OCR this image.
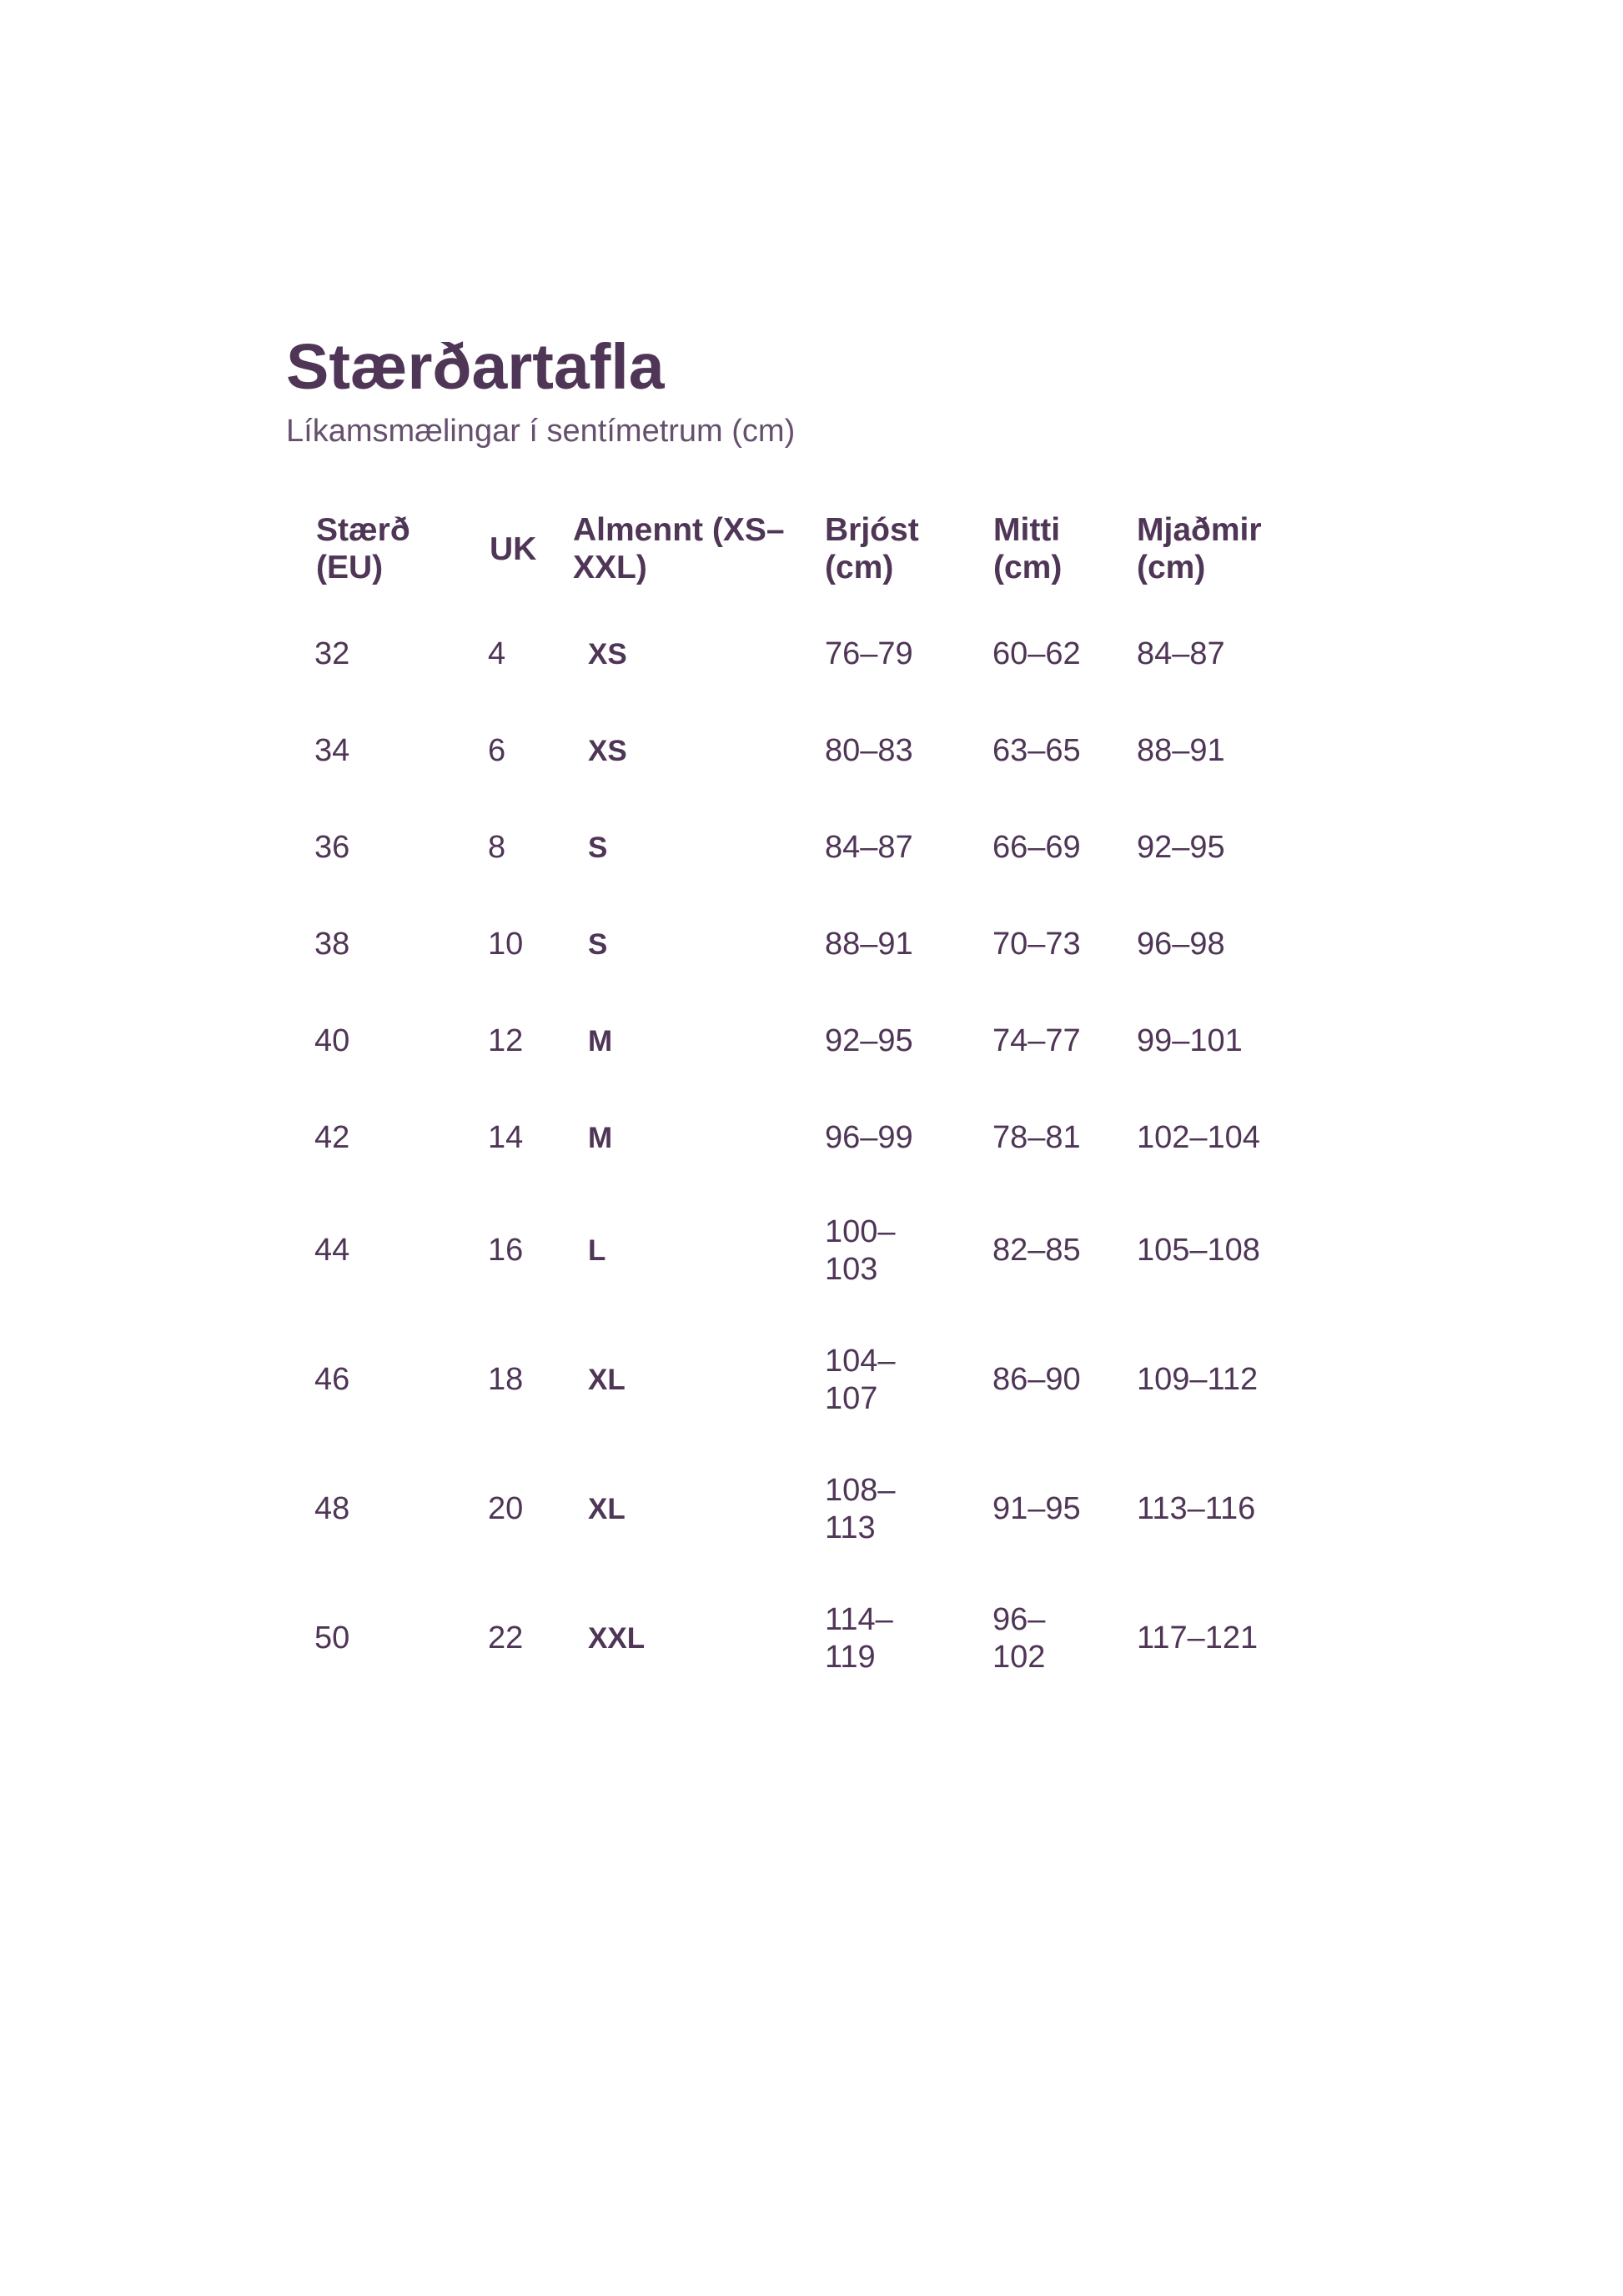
Stærðartafla

Líkamsmælingar í sentímetrum (cm)

Stærð (EU)	UK	Almennt (XS–XXL)	Brjóst (cm)	Mitti (cm)	Mjaðmir (cm)
32	4	XS	76–79	60–62	84–87
34	6	XS	80–83	63–65	88–91
36	8	S	84–87	66–69	92–95
38	10	S	88–91	70–73	96–98
40	12	M	92–95	74–77	99–101
42	14	M	96–99	78–81	102–104
44	16	L	100–103	82–85	105–108
46	18	XL	104–107	86–90	109–112
48	20	XL	108–113	91–95	113–116
50	22	XXL	114–119	96–102	117–121
